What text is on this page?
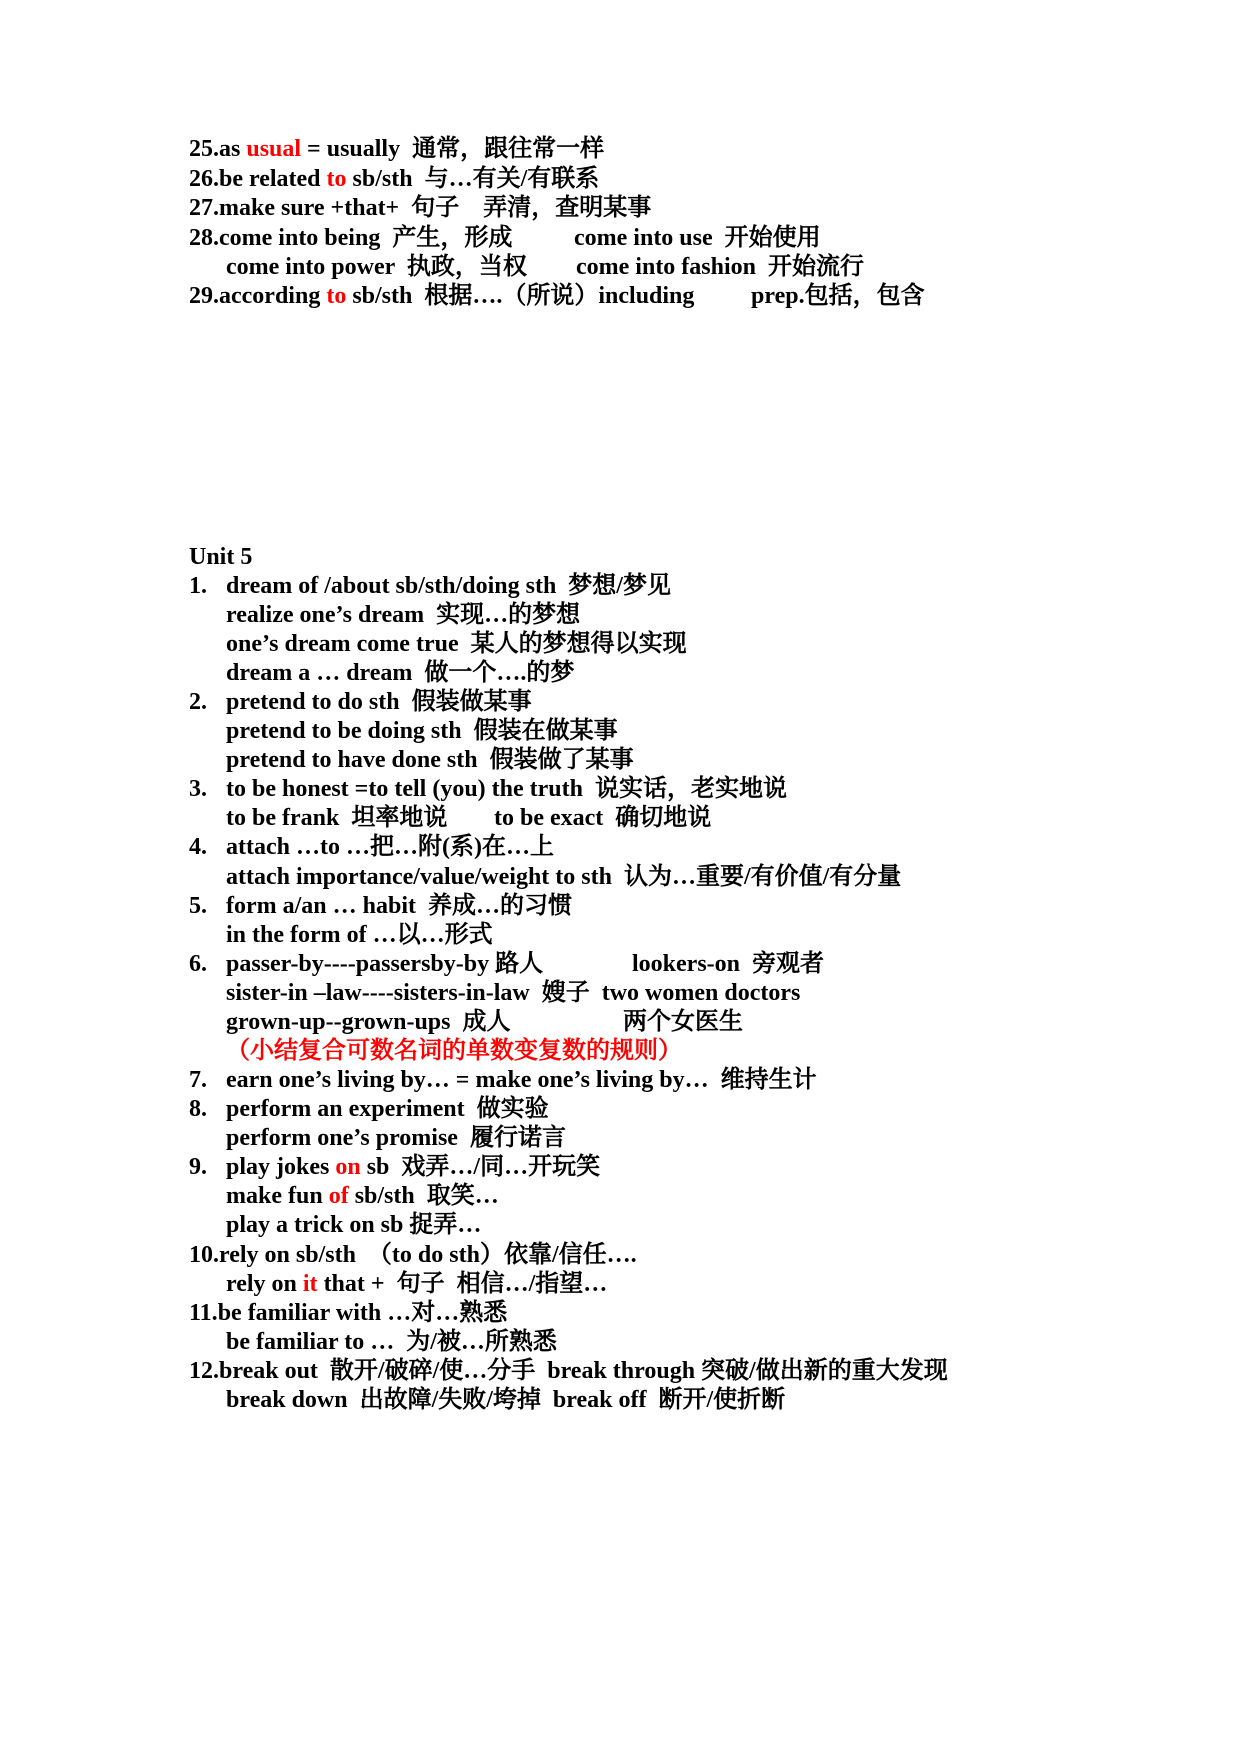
25.as usual = usually  通常，跟往常一样
26.be related to sb/sth  与…有关/有联系
27.make sure +that+  句子    弄清，查明某事
28.come into being  产生，形成	come into use  开始使用
come into power  执政，当权 come into fashion  开始流行
29.according to sb/sth  根据….（所说）including prep.包括，包含
Unit 5
1. dream of /about sb/sth/doing sth  梦想/梦见
realize one’s dream  实现…的梦想
one’s dream come true  某人的梦想得以实现
dream a … dream  做一个….的梦
2. pretend to do sth  假装做某事
pretend to be doing sth  假装在做某事
pretend to have done sth  假装做了某事
3. to be honest =to tell (you) the truth  说实话，老实地说
to be frank  坦率地说 to be exact  确切地说
4. attach …to …把…附(系)在…上
attach importance/value/weight to sth  认为…重要/有价值/有分量
5. form a/an … habit  养成…的习惯
in the form of …以…形式
6. passer-by----passersby-by 路人	lookers-on  旁观者
sister-in –law----sisters-in-law  嫂子  two women doctors
grown-up--grown-ups  成人	两个女医生
（小结复合可数名词的单数变复数的规则）
7. earn one’s living by… = make one’s living by…  维持生计
8. perform an experiment  做实验
perform one’s promise  履行诺言
9. play jokes on sb  戏弄…/同…开玩笑
make fun of sb/sth  取笑…
play a trick on sb 捉弄…
10.rely on sb/sth  （to do sth）依靠/信任….
rely on it that +  句子  相信…/指望…
11.be familiar with …对…熟悉
be familiar to …  为/被…所熟悉
12.break out  散开/破碎/使…分手  break through 突破/做出新的重大发现
break down  出故障/失败/垮掉  break off  断开/使折断
